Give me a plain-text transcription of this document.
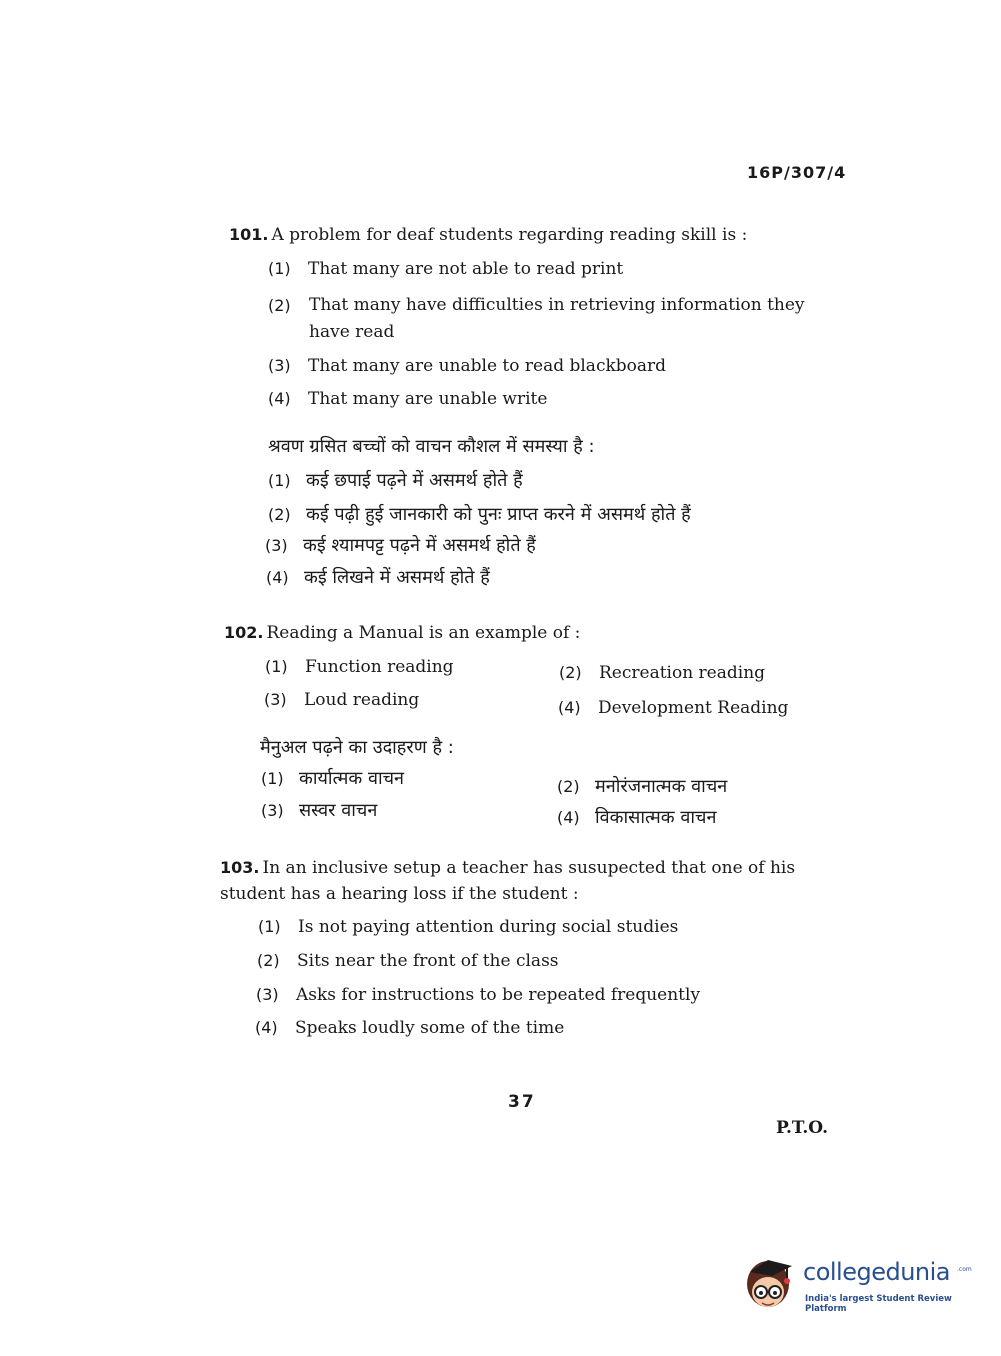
16P/307/4
101. A problem for deaf students regarding reading skill is :
(1) That many are not able to read print
(2) That many have difficulties in retrieving information they have read
(3) That many are unable to read blackboard
(4) That many are unable write
श्रवण ग्रसित बच्चों को वाचन कौशल में समस्या है :
(1) कई छपाई पढ़ने में असमर्थ होते हैं
(2) कई पढ़ी हुई जानकारी को पुनः प्राप्त करने में असमर्थ होते हैं
(3) कई श्यामपट्ट पढ़ने में असमर्थ होते हैं
(4) कई लिखने में असमर्थ होते हैं
102. Reading a Manual is an example of :
(1) Function reading	(2) Recreation reading
(3) Loud reading	(4) Development Reading
मैनुअल पढ़ने का उदाहरण है :
(1) कार्यात्मक वाचन	(2) मनोरंजनात्मक वाचन
(3) सस्वर वाचन	(4) विकासात्मक वाचन
103. In an inclusive setup a teacher has susupected that one of his student has a hearing loss if the student :
(1) Is not paying attention during social studies
(2) Sits near the front of the class
(3) Asks for instructions to be repeated frequently
(4) Speaks loudly some of the time
37
P.T.O.
collegedunia .com
India's largest Student Review Platform
